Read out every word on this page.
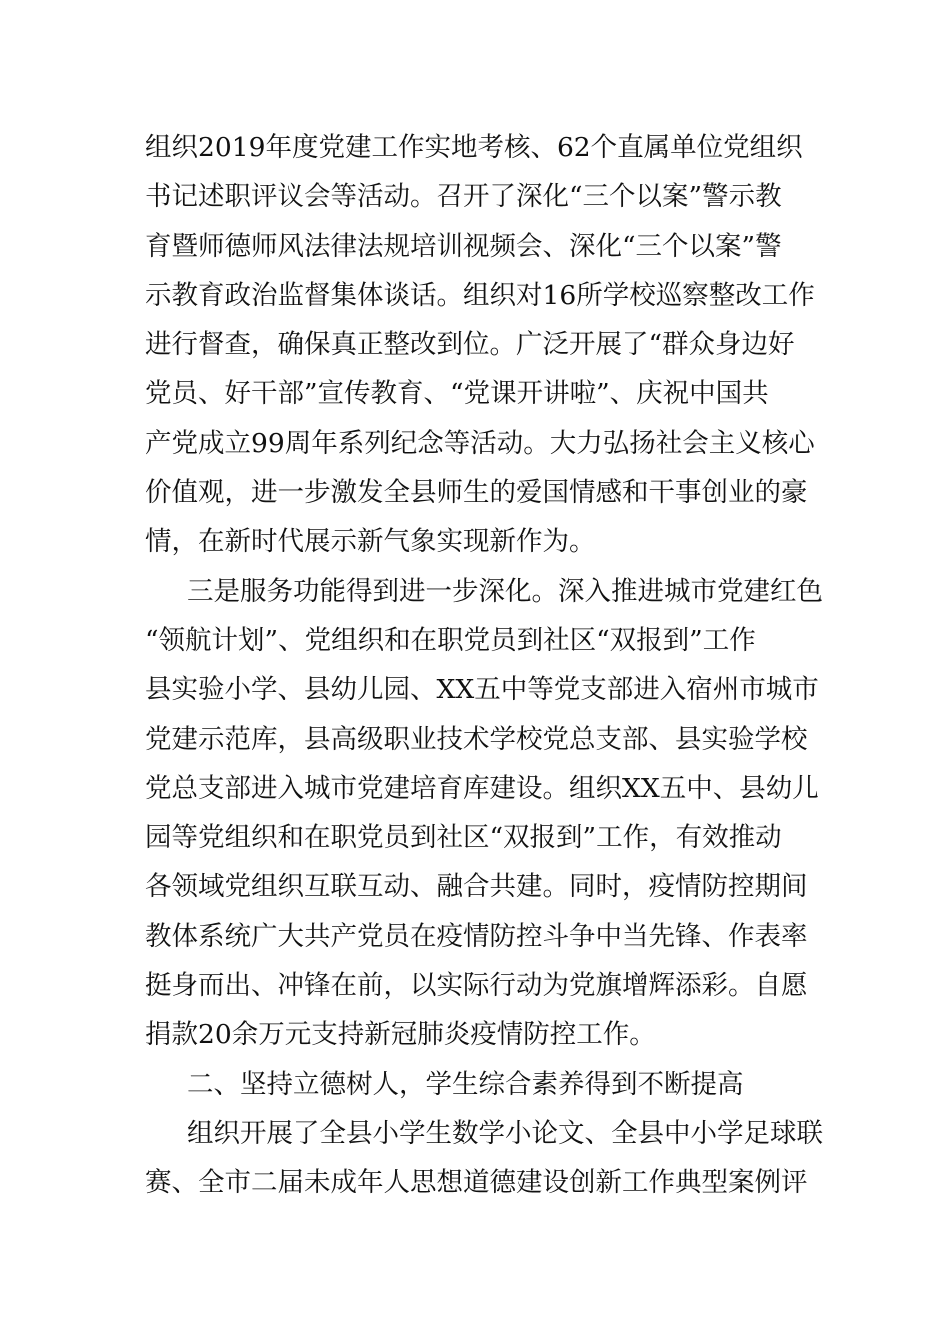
组织2019年度党建工作实地考核、62个直属单位党组织
书记述职评议会等活动。召开了深化“三个以案”警示教
育暨师德师风法律法规培训视频会、深化“三个以案”警
示教育政治监督集体谈话。组织对16所学校巡察整改工作
进行督查，确保真正整改到位。广泛开展了“群众身边好
党员、好干部”宣传教育、“党课开讲啦”、庆祝中国共
产党成立99周年系列纪念等活动。大力弘扬社会主义核心
价值观，进一步激发全县师生的爱国情感和干事创业的豪
情，在新时代展示新气象实现新作为。
三是服务功能得到进一步深化。深入推进城市党建红色
“领航计划”、党组织和在职党员到社区“双报到”工作
县实验小学、县幼儿园、XX五中等党支部进入宿州市城市
党建示范库，县高级职业技术学校党总支部、县实验学校
党总支部进入城市党建培育库建设。组织XX五中、县幼儿
园等党组织和在职党员到社区“双报到”工作，有效推动
各领域党组织互联互动、融合共建。同时，疫情防控期间
教体系统广大共产党员在疫情防控斗争中当先锋、作表率
挺身而出、冲锋在前，以实际行动为党旗增辉添彩。自愿
捐款20余万元支持新冠肺炎疫情防控工作。
二、坚持立德树人，学生综合素养得到不断提高
组织开展了全县小学生数学小论文、全县中小学足球联
赛、全市二届未成年人思想道德建设创新工作典型案例评
